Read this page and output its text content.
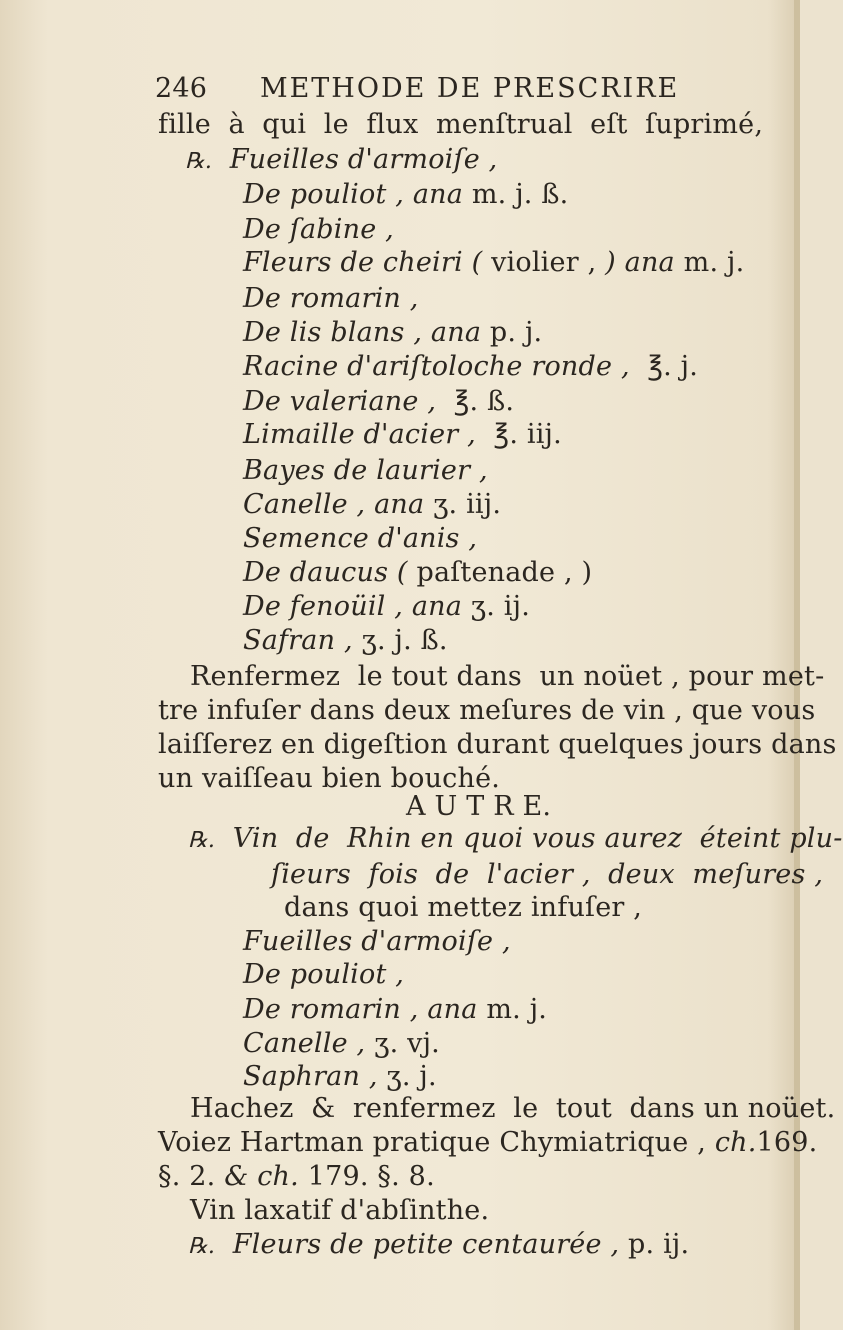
246 METHODE DE PRESCRIRE
fille  à  qui  le  flux  menſtrual  eſt  ſuprimé,
℞.  Fueilles d'armoiſe ,
De pouliot , ana m. j. ß.
De ſabine ,
Fleurs de cheiri ( violier , ) ana m. j.
De romarin ,
De lis blans , ana p. j.
Racine d'ariſtoloche ronde ,  ℥. j.
De valeriane ,  ℥. ß.
Limaille d'acier ,  ℥. iij.
Bayes de laurier ,
Canelle , ana ʒ. iij.
Semence d'anis ,
De daucus ( paſtenade , )
De fenoüil , ana ʒ. ij.
Safran , ʒ. j. ß.
Renfermez  le tout dans  un noüet , pour met-
tre infuſer dans deux meſures de vin , que vous
laiſſerez en digeſtion durant quelques jours dans
un vaiſſeau bien bouché.
A U T R E.
℞.  Vin  de  Rhin en quoi vous aurez  éteint plu-
ſieurs  fois  de  l'acier ,  deux  meſures ,
dans quoi mettez infuſer ,
Fueilles d'armoiſe ,
De pouliot ,
De romarin , ana m. j.
Canelle , ʒ. vj.
Saphran , ʒ. j.
Hachez  &  renfermez  le  tout  dans un noüet.
Voiez Hartman pratique Chymiatrique , ch.169.
§. 2. & ch. 179. §. 8.
Vin laxatif d'abſinthe.
℞.  Fleurs de petite centaurée , p. ij.
